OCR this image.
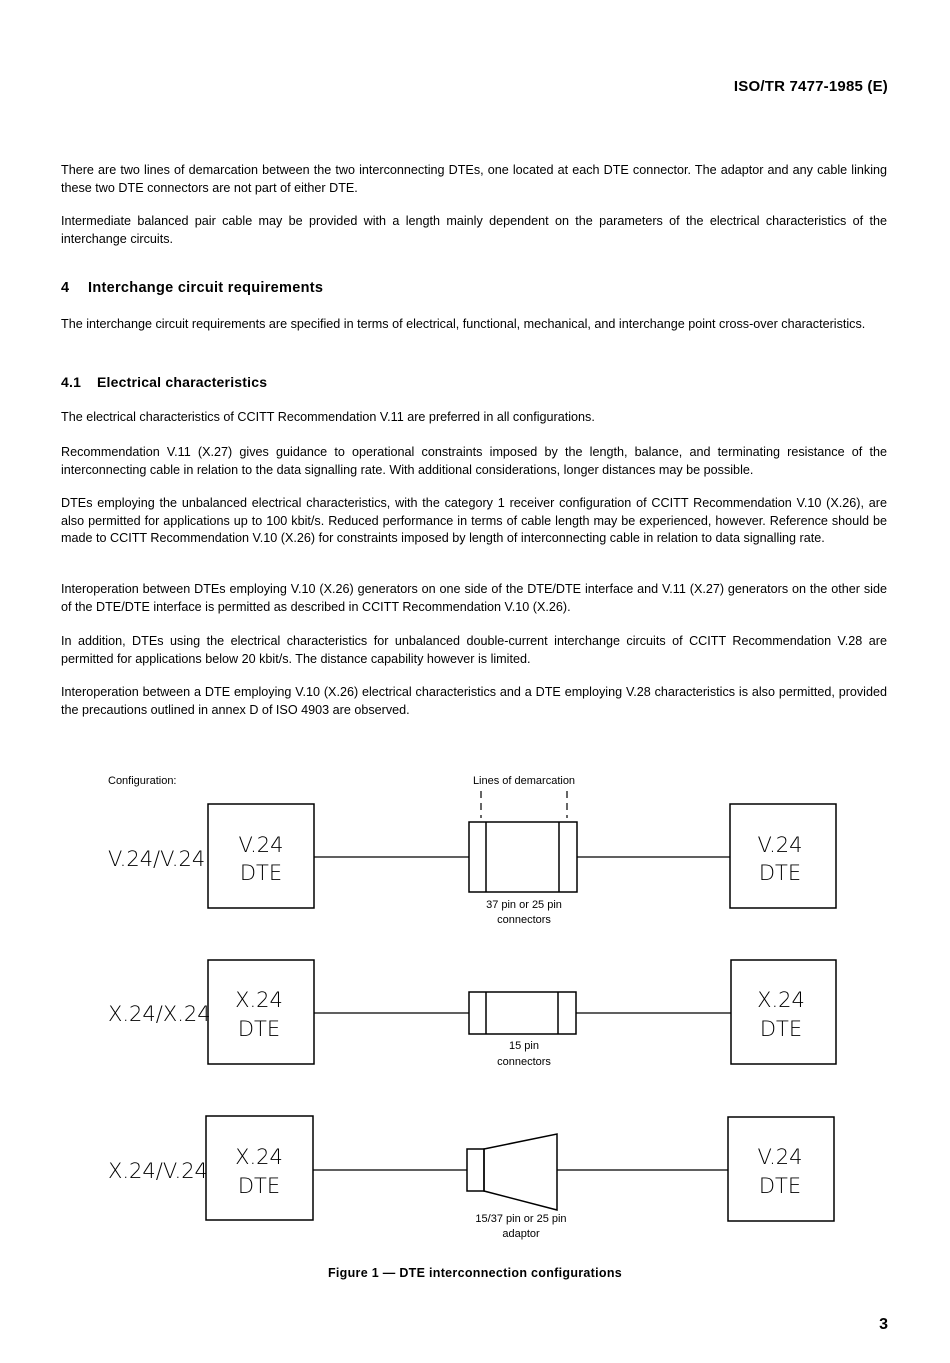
ISO/TR 7477-1985 (E)

There are two lines of demarcation between the two interconnecting DTEs, one located at each DTE connector. The adaptor and any cable linking these two DTE connectors are not part of either DTE.

Intermediate balanced pair cable may be provided with a length mainly dependent on the parameters of the electrical characteristics of the interchange circuits.

4 Interchange circuit requirements

The interchange circuit requirements are specified in terms of electrical, functional, mechanical, and interchange point cross-over characteristics.

4.1 Electrical characteristics

The electrical characteristics of CCITT Recommendation V.11 are preferred in all configurations.

Recommendation V.11 (X.27) gives guidance to operational constraints imposed by the length, balance, and terminating resistance of the interconnecting cable in relation to the data signalling rate. With additional considerations, longer distances may be possible.

DTEs employing the unbalanced electrical characteristics, with the category 1 receiver configuration of CCITT Recommendation V.10 (X.26), are also permitted for applications up to 100 kbit/s. Reduced performance in terms of cable length may be experienced, however. Reference should be made to CCITT Recommendation V.10 (X.26) for constraints imposed by length of interconnecting cable in relation to data signalling rate.

Interoperation between DTEs employing V.10 (X.26) generators on one side of the DTE/DTE interface and V.11 (X.27) generators on the other side of the DTE/DTE interface is permitted as described in CCITT Recommendation V.10 (X.26).

In addition, DTEs using the electrical characteristics for unbalanced double-current interchange circuits of CCITT Recommendation V.28 are permitted for applications below 20 kbit/s. The distance capability however is limited.

Interoperation between a DTE employing V.10 (X.26) electrical characteristics and a DTE employing V.28 characteristics is also permitted, provided the precautions outlined in annex D of ISO 4903 are observed.

Configuration:	Lines of demarcation
V.24/V.24
V.24
DTE
V.24
DTE
37 pin or 25 pin
connectors
X.24/X.24
X.24
DTE
X.24
DTE
15 pin
connectors
X.24/V.24
X.24
DTE
V.24
DTE
15/37 pin or 25 pin
adaptor
Figure 1 — DTE interconnection configurations
3
